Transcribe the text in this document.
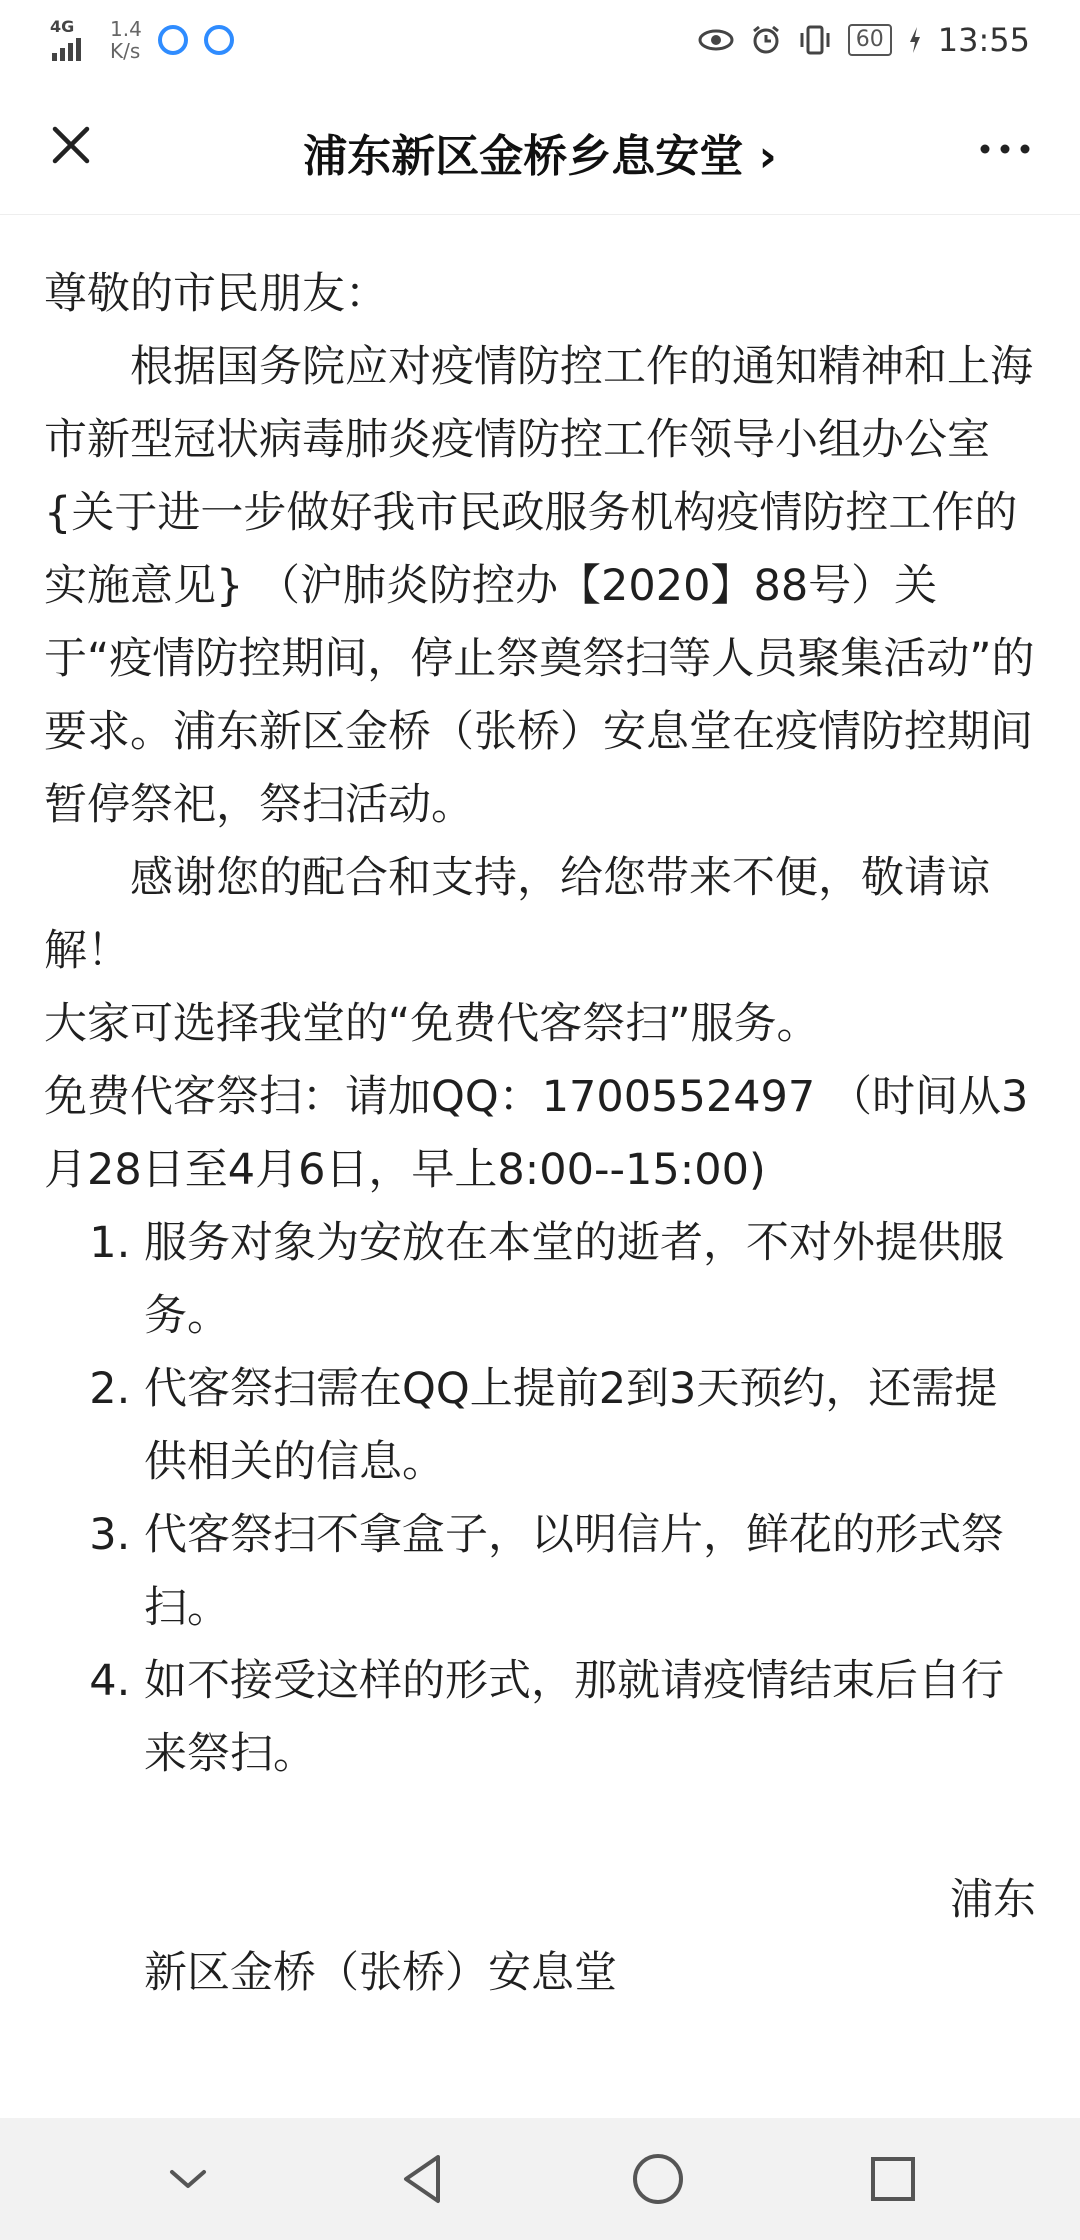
4G	1.4
K/s	60 13:55
浦东新区金桥乡息安堂 ›

尊敬的市民朋友：

根据国务院应对疫情防控工作的通知精神和上海市新型冠状病毒肺炎疫情防控工作领导小组办公室{关于进一步做好我市民政服务机构疫情防控工作的实施意见} （沪肺炎防控办【2020】88号）关于“疫情防控期间，停止祭奠祭扫等人员聚集活动”的要求。浦东新区金桥（张桥）安息堂在疫情防控期间暂停祭祀，祭扫活动。

感谢您的配合和支持，给您带来不便，敬请谅解！

大家可选择我堂的“免费代客祭扫”服务。

免费代客祭扫：请加QQ：1700552497 （时间从3月28日至4月6日，早上8:00--15:00)

1. 服务对象为安放在本堂的逝者，不对外提供服务。
2. 代客祭扫需在QQ上提前2到3天预约，还需提供相关的信息。
3. 代客祭扫不拿盒子，以明信片，鲜花的形式祭扫。
4. 如不接受这样的形式，那就请疫情结束后自行来祭扫。

浦东

新区金桥（张桥）安息堂
